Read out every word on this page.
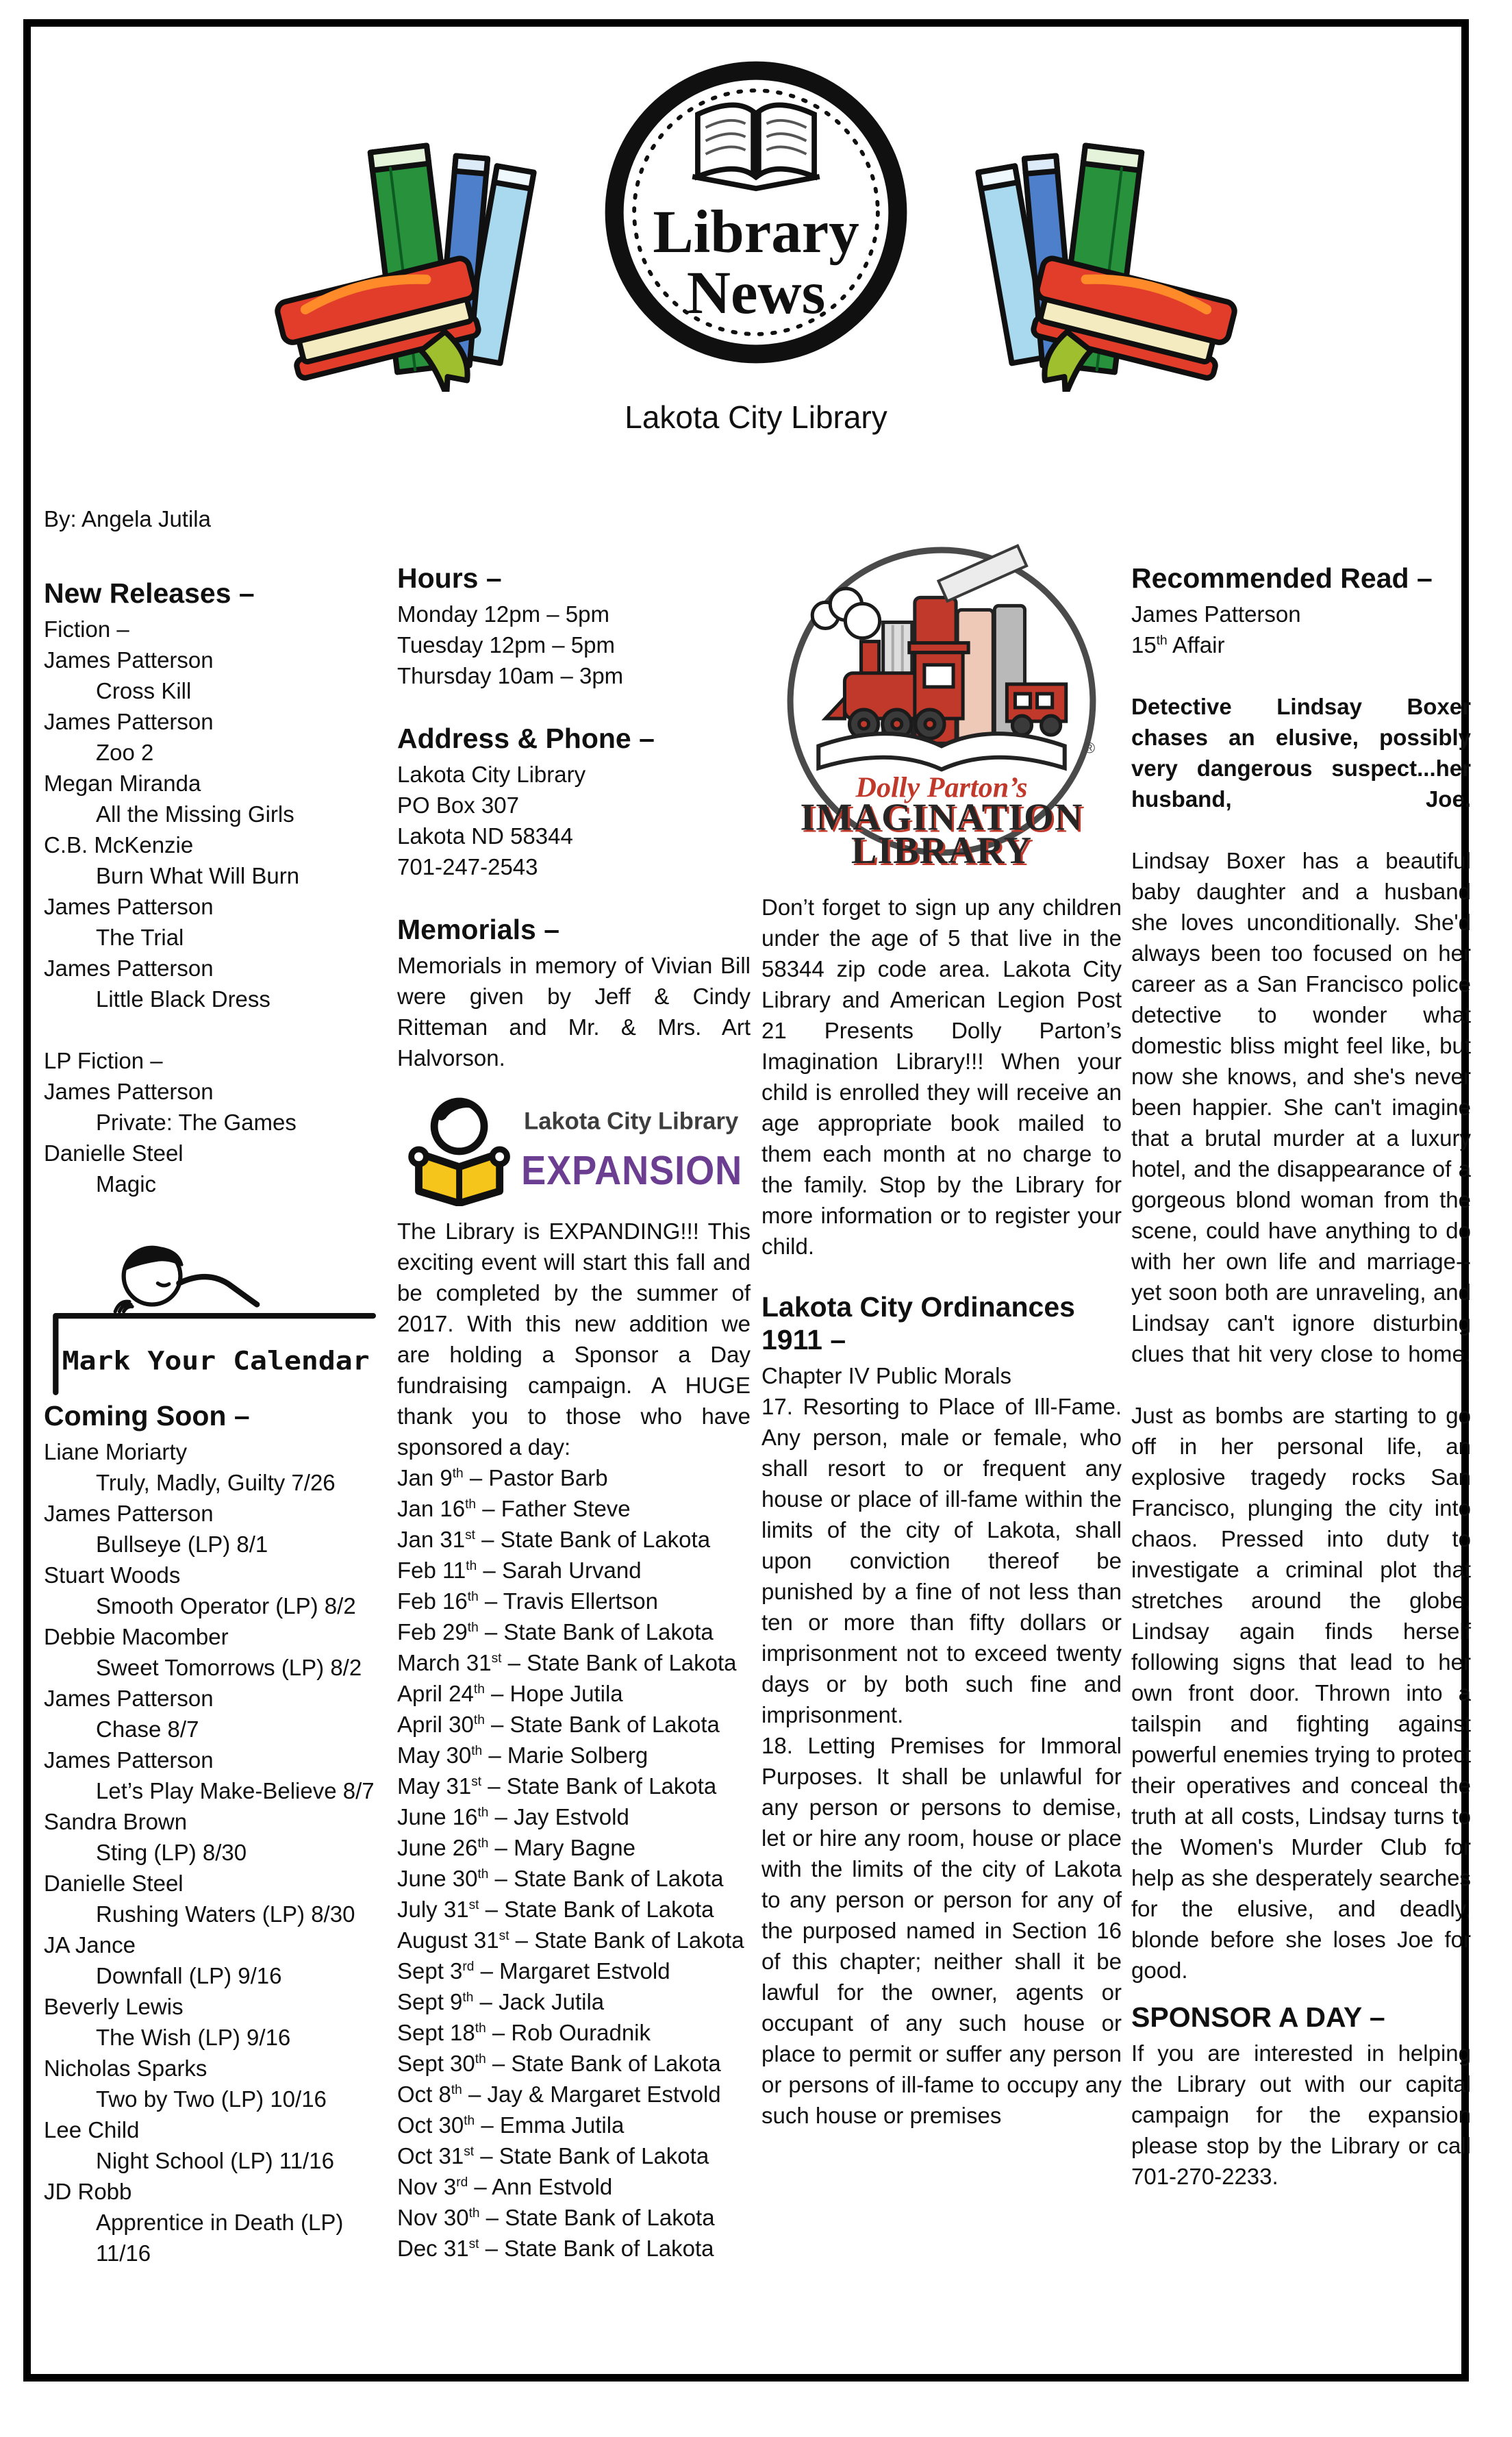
Library
News
Lakota City Library
By: Angela Jutila
New Releases –
Fiction –
James Patterson
Cross Kill
James Patterson
Zoo 2
Megan Miranda
All the Missing Girls
C.B. McKenzie
Burn What Will Burn
James Patterson
The Trial
James Patterson
Little Black Dress
LP Fiction –
James Patterson
Private: The Games
Danielle Steel
Magic
Mark Your Calendar
Coming Soon –
Liane Moriarty
Truly, Madly, Guilty 7/26
James Patterson
Bullseye (LP) 8/1
Stuart Woods
Smooth Operator (LP) 8/2
Debbie Macomber
Sweet Tomorrows (LP) 8/2
James Patterson
Chase 8/7
James Patterson
Let’s Play Make-Believe 8/7
Sandra Brown
Sting (LP) 8/30
Danielle Steel
Rushing Waters (LP) 8/30
JA Jance
Downfall (LP) 9/16
Beverly Lewis
The Wish (LP) 9/16
Nicholas Sparks
Two by Two (LP) 10/16
Lee Child
Night School (LP) 11/16
JD Robb
Apprentice in Death (LP) 11/16
Hours –
Monday 12pm – 5pm
Tuesday 12pm – 5pm
Thursday 10am – 3pm
Address & Phone –
Lakota City Library
PO Box 307
Lakota ND 58344
701-247-2543
Memorials –

Memorials in memory of Vivian Bill were given by Jeff & Cindy Ritteman and Mr. & Mrs. Art Halvorson.

Lakota City Library
EXPANSION

The Library is EXPANDING!!! This exciting event will start this fall and be completed by the summer of 2017. With this new addition we are holding a Sponsor a Day fundraising campaign. A HUGE thank you to those who have sponsored a day:

Jan 9th – Pastor Barb
Jan 16th – Father Steve
Jan 31st – State Bank of Lakota
Feb 11th – Sarah Urvand
Feb 16th – Travis Ellertson
Feb 29th – State Bank of Lakota
March 31st – State Bank of Lakota
April 24th – Hope Jutila
April 30th – State Bank of Lakota
May 30th – Marie Solberg
May 31st – State Bank of Lakota
June 16th – Jay Estvold
June 26th – Mary Bagne
June 30th – State Bank of Lakota
July 31st – State Bank of Lakota
August 31st – State Bank of Lakota
Sept 3rd – Margaret Estvold
Sept 9th – Jack Jutila
Sept 18th – Rob Ouradnik
Sept 30th – State Bank of Lakota
Oct 8th – Jay & Margaret Estvold
Oct 30th – Emma Jutila
Oct 31st – State Bank of Lakota
Nov 3rd – Ann Estvold
Nov 30th – State Bank of Lakota
Dec 31st – State Bank of Lakota
Dolly Parton’s
IMAGINATION
LIBRARY
®

Don’t forget to sign up any children under the age of 5 that live in the 58344 zip code area. Lakota City Library and American Legion Post 21 Presents Dolly Parton’s Imagination Library!!! When your child is enrolled they will receive an age appropriate book mailed to them each month at no charge to the family. Stop by the Library for more information or to register your child.

Lakota City Ordinances 1911 –
Chapter IV Public Morals

17. Resorting to Place of Ill-Fame. Any person, male or female, who shall resort to or frequent any house or place of ill-fame within the limits of the city of Lakota, shall upon conviction thereof be punished by a fine of not less than ten or more than fifty dollars or imprisonment not to exceed twenty days or by both such fine and imprisonment.

18. Letting Premises for Immoral Purposes. It shall be unlawful for any person or persons to demise, let or hire any room, house or place with the limits of the city of Lakota to any person or person for any of the purposed named in Section 16 of this chapter; neither shall it be lawful for the owner, agents or occupant of any such house or place to permit or suffer any person or persons of ill-fame to occupy any such house or premises

Recommended Read –
James Patterson
15th Affair

Detective Lindsay Boxer chases an elusive, possibly very dangerous suspect...her husband, Joe.

Lindsay Boxer has a beautiful baby daughter and a husband she loves unconditionally. She'd always been too focused on her career as a San Francisco police detective to wonder what domestic bliss might feel like, but now she knows, and she's never been happier. She can't imagine that a brutal murder at a luxury hotel, and the disappearance of a gorgeous blond woman from the scene, could have anything to do with her own life and marriage--yet soon both are unraveling, and Lindsay can't ignore disturbing clues that hit very close to home.

Just as bombs are starting to go off in her personal life, an explosive tragedy rocks San Francisco, plunging the city into chaos. Pressed into duty to investigate a criminal plot that stretches around the globe, Lindsay again finds herself following signs that lead to her own front door. Thrown into a tailspin and fighting against powerful enemies trying to protect their operatives and conceal the truth at all costs, Lindsay turns to the Women's Murder Club for help as she desperately searches for the elusive, and deadly, blonde before she loses Joe for good.

SPONSOR A DAY –

If you are interested in helping the Library out with our capital campaign for the expansion please stop by the Library or call 701-270-2233.
